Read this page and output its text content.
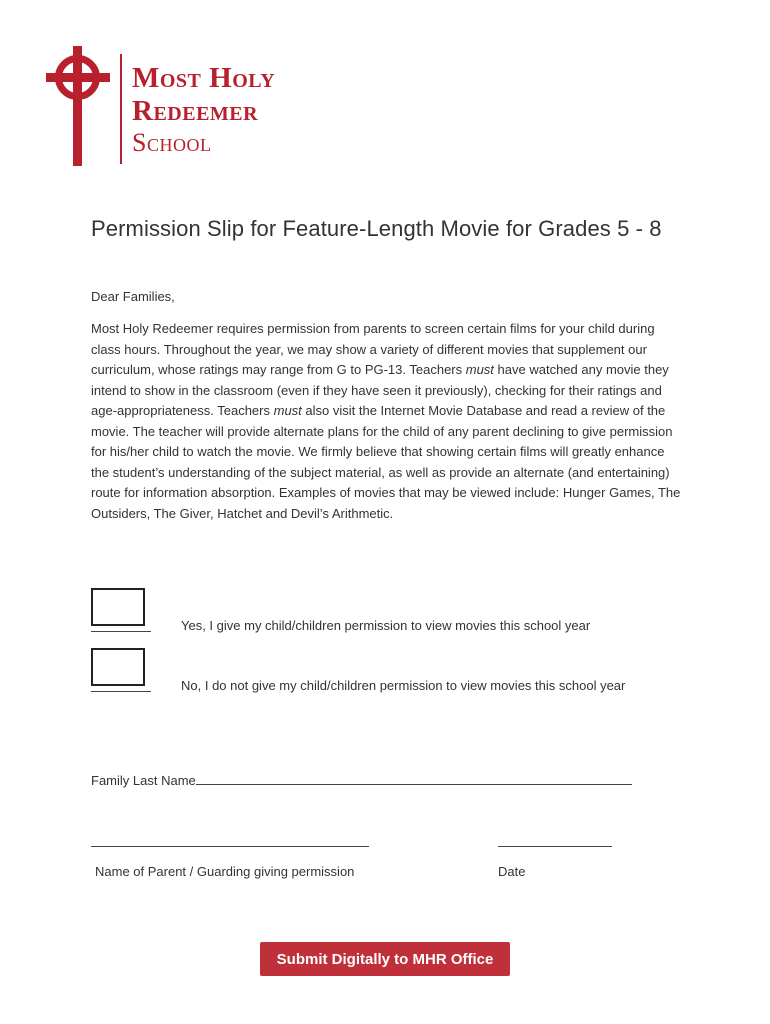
Most Holy
Redeemer
School
Permission Slip for Feature-Length Movie for Grades 5 - 8
Dear Families,
Most Holy Redeemer requires permission from parents to screen certain films for your child during class hours. Throughout the year, we may show a variety of different movies that supplement our curriculum, whose ratings may range from G to PG-13. Teachers must have watched any movie they intend to show in the classroom (even if they have seen it previously), checking for their ratings and age-appropriateness. Teachers must also visit the Internet Movie Database and read a review of the movie. The teacher will provide alternate plans for the child of any parent declining to give permission for his/her child to watch the movie. We firmly believe that showing certain films will greatly enhance the student’s understanding of the subject material, as well as provide an alternate (and entertaining) route for information absorption. Examples of movies that may be viewed include: Hunger Games, The Outsiders, The Giver, Hatchet and Devil’s Arithmetic.
Yes, I give my child/children permission to view movies this school year
No, I do not give my child/children permission to view movies this school year
Family Last Name
Name of Parent / Guarding giving permission	Date
Submit Digitally to MHR Office
